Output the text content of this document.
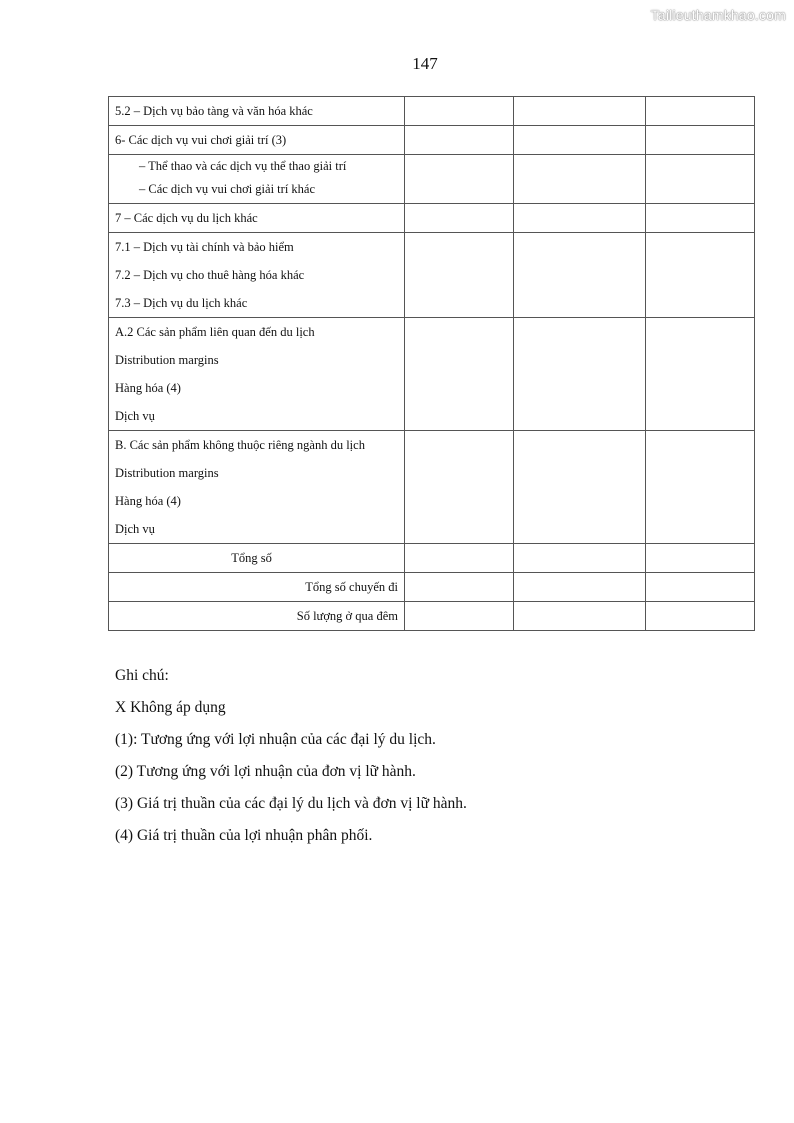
Tailieuthamkhao.com
147
5.2 – Dịch vụ bảo tàng và văn hóa khác			

6- Các dịch vụ vui chơi giải trí (3)			

– Thể thao và các dịch vụ thể thao giải trí
– Các dịch vụ vui chơi giải trí khác			

7 – Các dịch vụ du lịch khác			

7.1 – Dịch vụ tài chính và bảo hiểm
7.2 – Dịch vụ cho thuê hàng hóa khác
7.3 – Dịch vụ du lịch khác			

A.2 Các sản phẩm liên quan đến du lịch
Distribution margins
Hàng hóa (4)
Dịch vụ			

B. Các sản phẩm không thuộc riêng ngành du lịch
Distribution margins
Hàng hóa (4)
Dịch vụ			

Tổng số			

Tổng số chuyến đi			

Số lượng ở qua đêm			

Ghi chú:
X Không áp dụng
(1): Tương ứng với lợi nhuận của các đại lý du lịch.
(2) Tương ứng với lợi nhuận của đơn vị lữ hành.
(3) Giá trị thuần của các đại lý du lịch và đơn vị lữ hành.
(4) Giá trị thuần của lợi nhuận phân phối.
